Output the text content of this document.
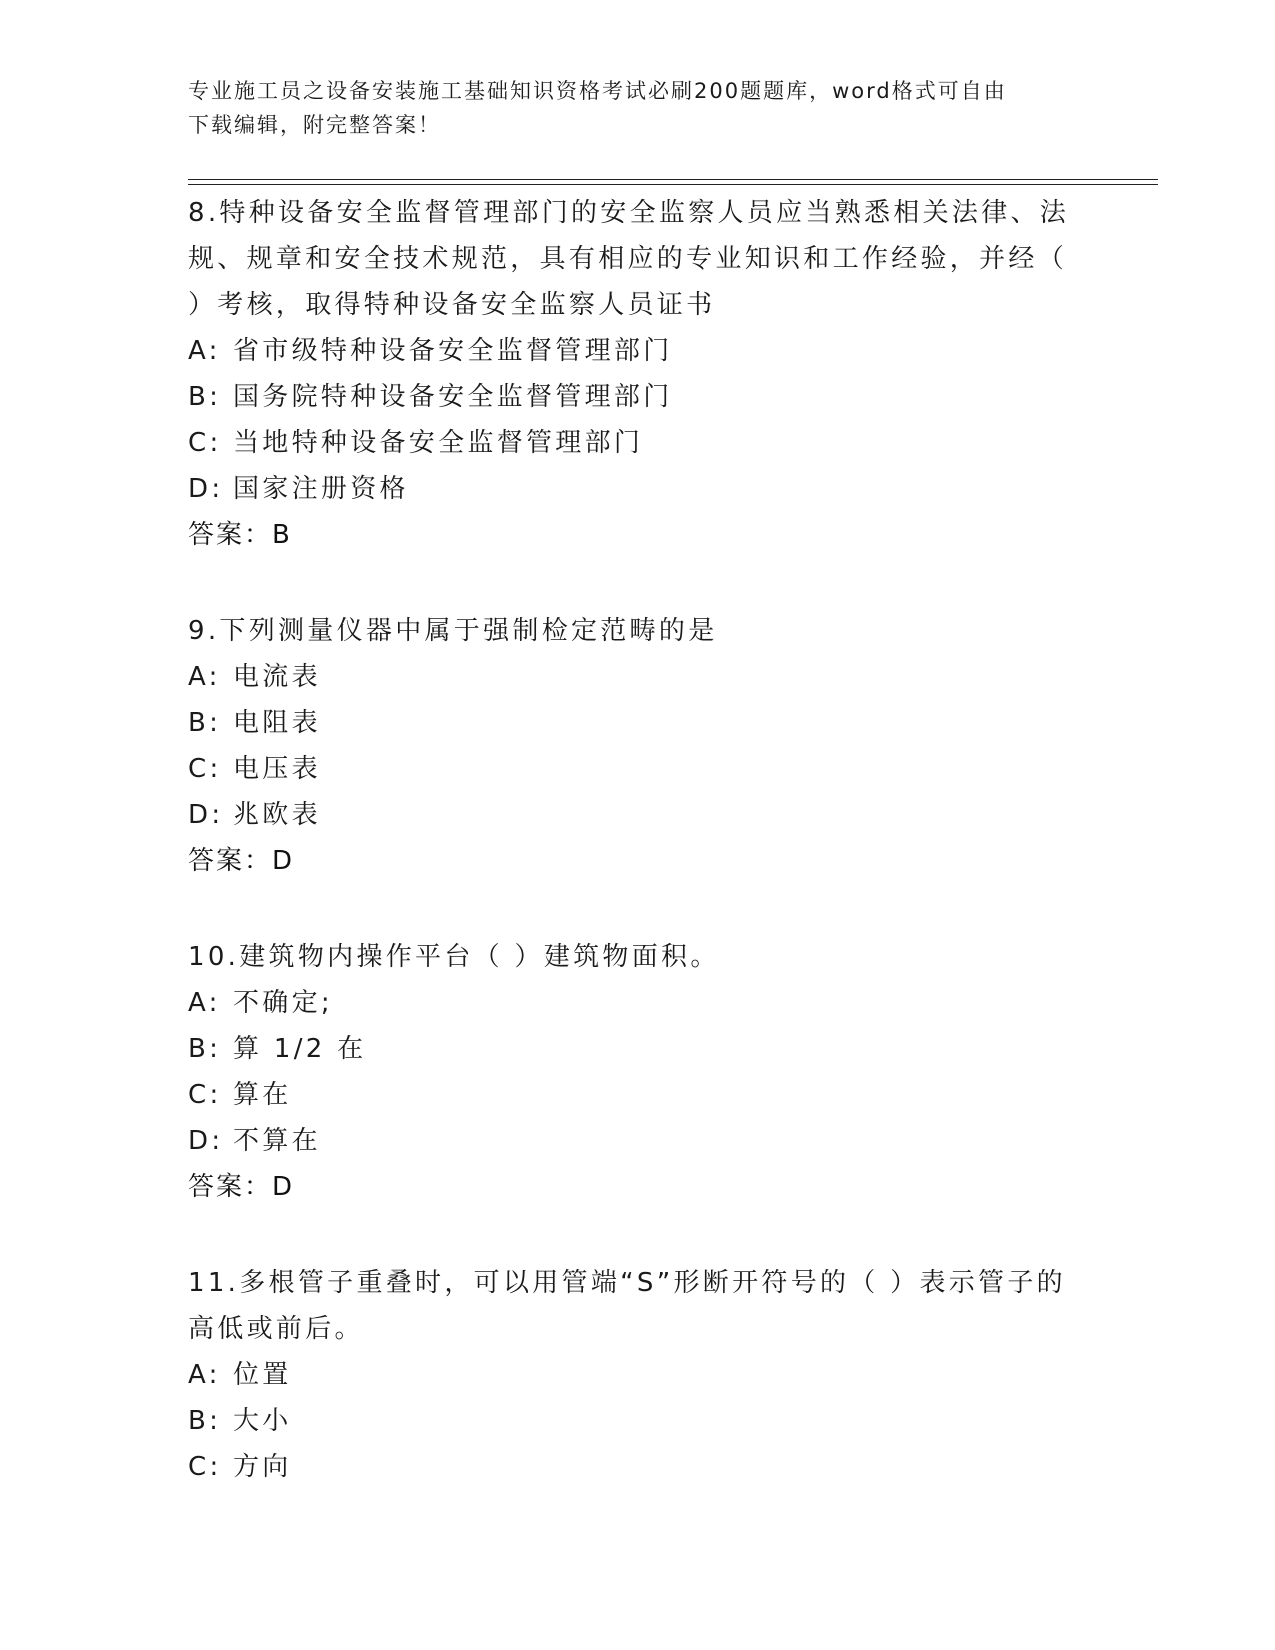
专业施工员之设备安装施工基础知识资格考试必刷200题题库，word格式可自由
下载编辑，附完整答案！

8.特种设备安全监督管理部门的安全监察人员应当熟悉相关法律、法

规、规章和安全技术规范，具有相应的专业知识和工作经验，并经（

）考核，取得特种设备安全监察人员证书

A: 省市级特种设备安全监督管理部门

B: 国务院特种设备安全监督管理部门

C: 当地特种设备安全监督管理部门

D: 国家注册资格

答案：B

9.下列测量仪器中属于强制检定范畴的是

A: 电流表

B: 电阻表

C: 电压表

D: 兆欧表

答案：D

10.建筑物内操作平台（ ）建筑物面积。

A: 不确定;

B: 算 1/2 在

C: 算在

D: 不算在

答案：D

11.多根管子重叠时，可以用管端“S”形断开符号的（ ）表示管子的

高低或前后。

A: 位置

B: 大小

C: 方向
